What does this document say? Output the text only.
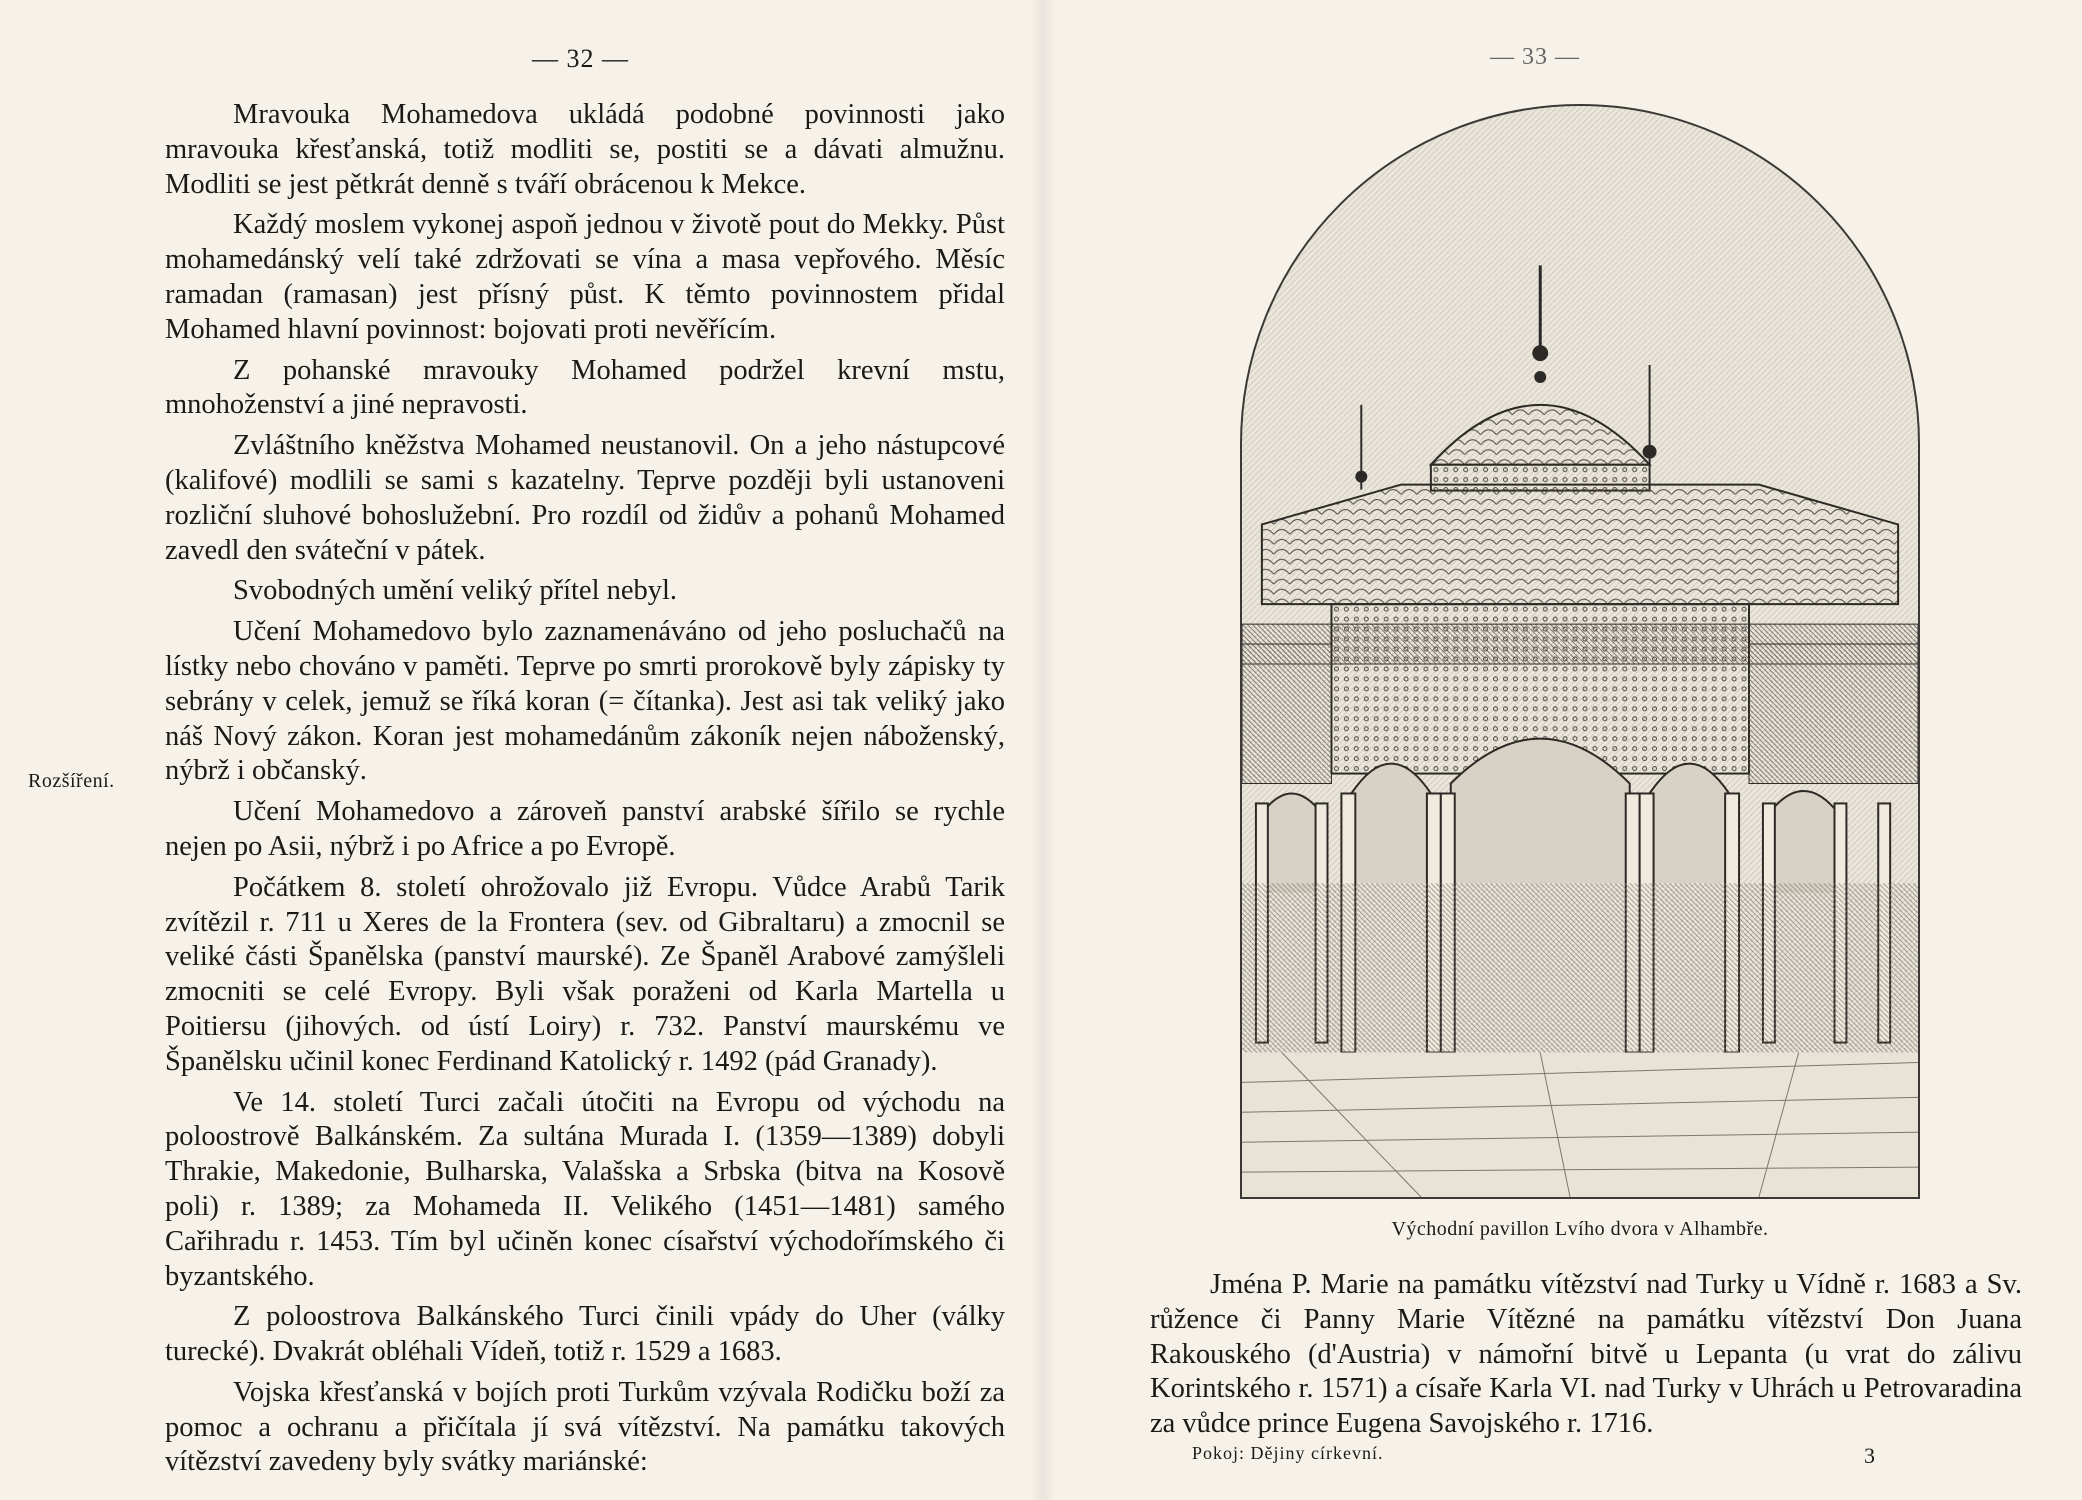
— 32 —
Rozšíření.

Mravouka Mohamedova ukládá podobné povinnosti jako mravouka křesťanská, totiž modliti se, postiti se a dávati almužnu. Modliti se jest pětkrát denně s tváří obrácenou k Mekce.

Každý moslem vykonej aspoň jednou v životě pout do Mekky. Půst mohamedánský velí také zdržovati se vína a masa vepřového. Měsíc ramadan (ramasan) jest přísný půst. K těmto povinnostem přidal Mohamed hlavní povinnost: bojovati proti nevěřícím.

Z pohanské mravouky Mohamed podržel krevní mstu, mnohoženství a jiné nepravosti.

Zvláštního kněžstva Mohamed neustanovil. On a jeho nástupcové (kalifové) modlili se sami s kazatelny. Teprve později byli ustanoveni rozliční sluhové bohoslužební. Pro rozdíl od židův a pohanů Mohamed zavedl den sváteční v pátek.

Svobodných umění veliký přítel nebyl.

Učení Mohamedovo bylo zaznamenáváno od jeho posluchačů na lístky nebo chováno v paměti. Teprve po smrti prorokově byly zápisky ty sebrány v celek, jemuž se říká koran (= čítanka). Jest asi tak veliký jako náš Nový zákon. Koran jest mohamedánům zákoník nejen náboženský, nýbrž i občanský.

Učení Mohamedovo a zároveň panství arabské šířilo se rychle nejen po Asii, nýbrž i po Africe a po Evropě.

Počátkem 8. století ohrožovalo již Evropu. Vůdce Arabů Tarik zvítězil r. 711 u Xeres de la Frontera (sev. od Gibraltaru) a zmocnil se veliké části Španělska (panství maurské). Ze Španěl Arabové zamýšleli zmocniti se celé Evropy. Byli však poraženi od Karla Martella u Poitiersu (jihových. od ústí Loiry) r. 732. Panství maurskému ve Španělsku učinil konec Ferdinand Katolický r. 1492 (pád Granady).

Ve 14. století Turci začali útočiti na Evropu od východu na poloostrově Balkánském. Za sultána Murada I. (1359—1389) dobyli Thrakie, Makedonie, Bulharska, Valašska a Srbska (bitva na Kosově poli) r. 1389; za Mohameda II. Velikého (1451—1481) samého Cařihradu r. 1453. Tím byl učiněn konec císařství východořímského či byzantského.

Z poloostrova Balkánského Turci činili vpády do Uher (války turecké). Dvakrát obléhali Vídeň, totiž r. 1529 a 1683.

Vojska křesťanská v bojích proti Turkům vzývala Rodičku boží za pomoc a ochranu a přičítala jí svá vítězství. Na památku takových vítězství zavedeny byly svátky mariánské:

— 33 —
Východní pavillon Lvího dvora v Alhambře.

Jména P. Marie na památku vítězství nad Turky u Vídně r. 1683 a Sv. růžence či Panny Marie Vítězné na památku vítězství Don Juana Rakouského (d'Austria) v námořní bitvě u Lepanta (u vrat do zálivu Korintského r. 1571) a císaře Karla VI. nad Turky v Uhrách u Petrovaradina za vůdce prince Eugena Savojského r. 1716.

Pokoj: Dějiny církevní.	3
